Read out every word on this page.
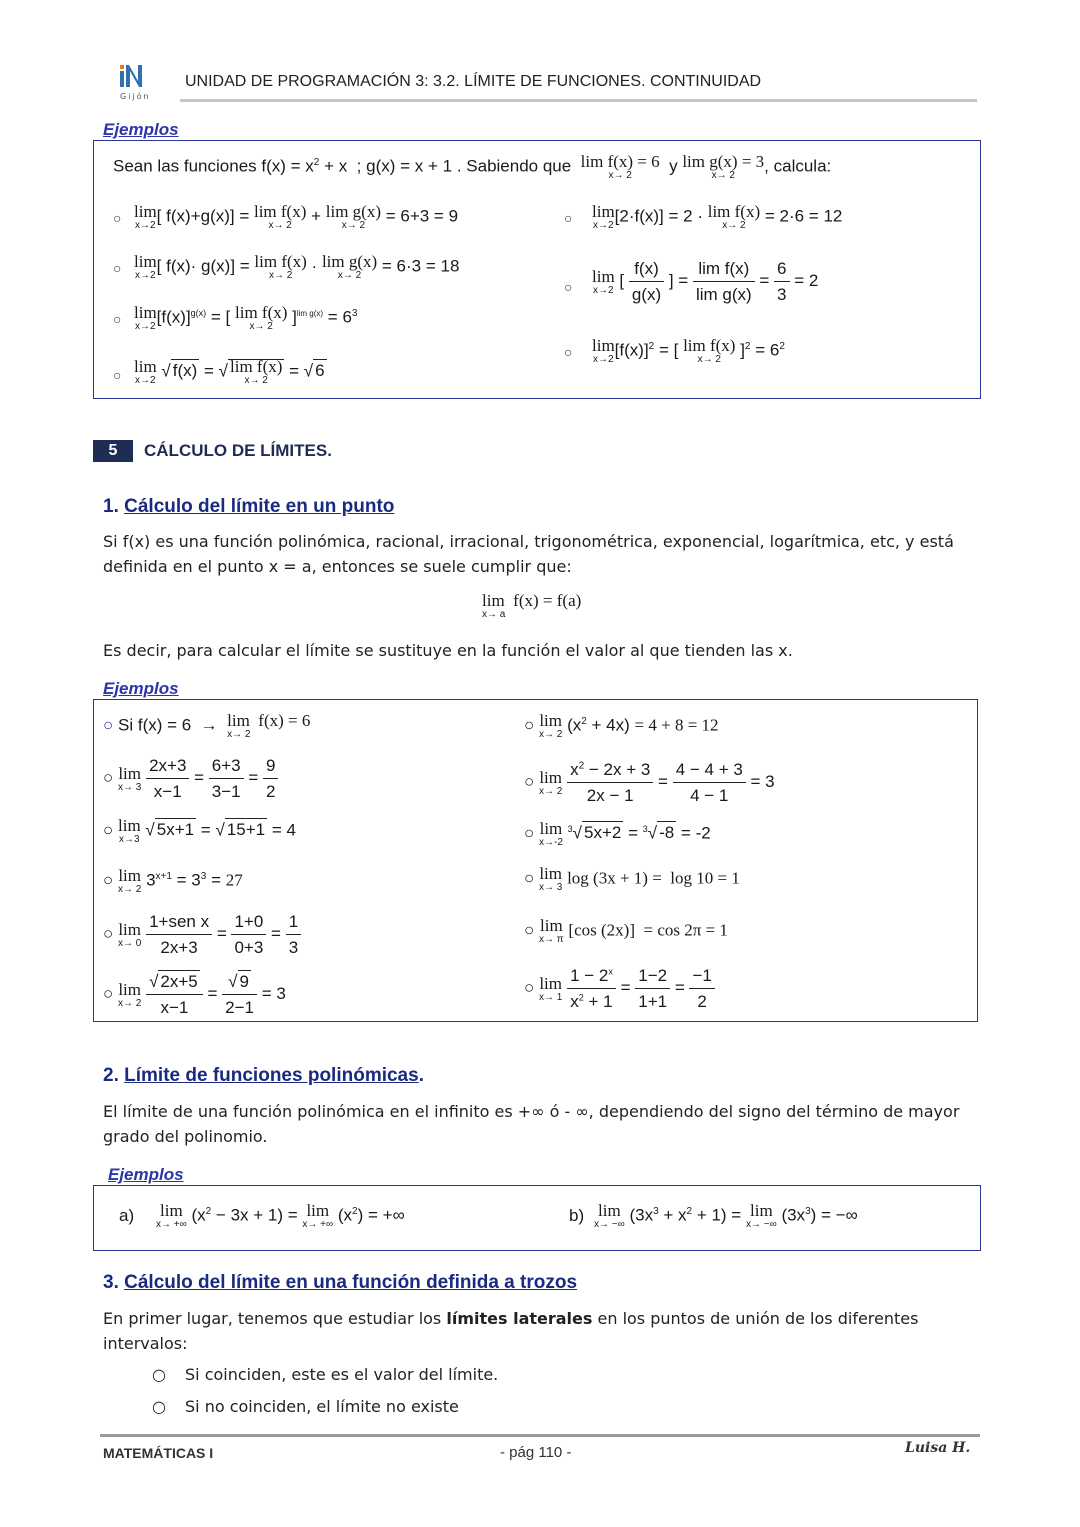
Gijón
UNIDAD DE PROGRAMACIÓN 3: 3.2. LÍMITE DE FUNCIONES. CONTINUIDAD
Ejemplos
Sean las funciones $f(x) = x^2 + x$  ; g(x) = x + 1 . Sabiendo que lim f(x) = 6
x→ 2
y lim g(x) = 3
x→ 2
, calcula:
○ lim
x→2
[ f(x)+g(x)] = lim f(x)
x→ 2
+ lim g(x)
x→ 2
= 6+3 = 9
○ lim
x→2
[ f(x)· g(x)] = lim f(x)
x→ 2
· lim g(x)
x→ 2
= 6·3 = 18
○ lim
x→2
$[f(x)]^{g(x)}$ = [ lim f(x)
x→ 2
]$^{lim g(x)} = 6^3$
○ lim
x→2
√ f(x) = √ lim f(x)
x→ 2
= √ 6
○ lim
x→2
[2·f(x)] = 2 · lim f(x)
x→ 2
= 2·6 = 12
○
lim
x→2
[ $\frac{f(x)}{g(x)}$ ] = $\frac{\text{lim f(x)}}{\text{lim g(x)}} = \frac{6}{3} = 2$
○ lim
x→2
$[f(x)]^2$ = [ lim f(x)
x→ 2
]$^2 = 6^2$
5	CÁLCULO DE LÍMITES.
1. Cálculo del límite en un punto
Si f(x) es una función polinómica, racional, irracional, trigonométrica, exponencial, logarítmica, etc, y está
definida en el punto x = a, entonces se suele cumplir que:
lim  f(x) = f(a)
x→ a
Es decir, para calcular el límite se sustituye en la función el valor al que tienden las x.
Ejemplos
○ Si f(x) = 6  → lim  f(x) = 6
x→ 2
○ lim
x→ 3
$\frac{2x+3}{x-1} = \frac{6+3}{3-1} = \frac{9}{2}$
○ lim
x→3
√ 5x+1 = √ 15+1 = 4
○ lim
x→ 2
$3^{x+1} = 3^3 = 27$
○ lim
x→ 0
$\frac{\text{1+sen x}}{2x+3} = \frac{1+0}{0+3} = \frac{1}{3}$
○ lim
x→ 2
$\frac{√ 2x+5}{x-1} = \frac{√ 9}{2-1} = 3$
○ lim
x→ 2
$(x^2 + 4x) = 4 + 8 = 12$
○ lim
x→ 2
$\frac{x^2 - 2x + 3}{2x - 1} = \frac{4 - 4 + 3}{4 - 1} = 3$
○ lim
x→-2
$^3$√ 5x+2 = $^3$√ -8 = -2
○ lim
x→ 3
log (3x + 1) =  log 10 = 1
○ lim
x→ π
[cos (2x)]  = cos 2π = 1
○ lim
x→ 1
$\frac{1 - 2^x}{x^2 + 1} = \frac{1-2}{1+1} = \frac{-1}{2}$
2. Límite de funciones polinómicas.
El límite de una función polinómica en el infinito es +∞ ó - ∞, dependiendo del signo del término de mayor
grado del polinomio.
Ejemplos
a) lim
x→ +∞
$(x^2 - 3x + 1) = \lim$
x→ +∞
$(x^2)$ = +∞	b) lim
x→ −∞
$(3x^3 + x^2 + 1) = \lim$
x→ −∞
$(3x^3)$ = −∞
3. Cálculo del límite en una función definida a trozos
En primer lugar, tenemos que estudiar los límites laterales en los puntos de unión de los diferentes
intervalos:
○ Si coinciden, este es el valor del límite.
○ Si no coinciden, el límite no existe
MATEMÁTICAS I	- pág 110 -	Luisa H.
